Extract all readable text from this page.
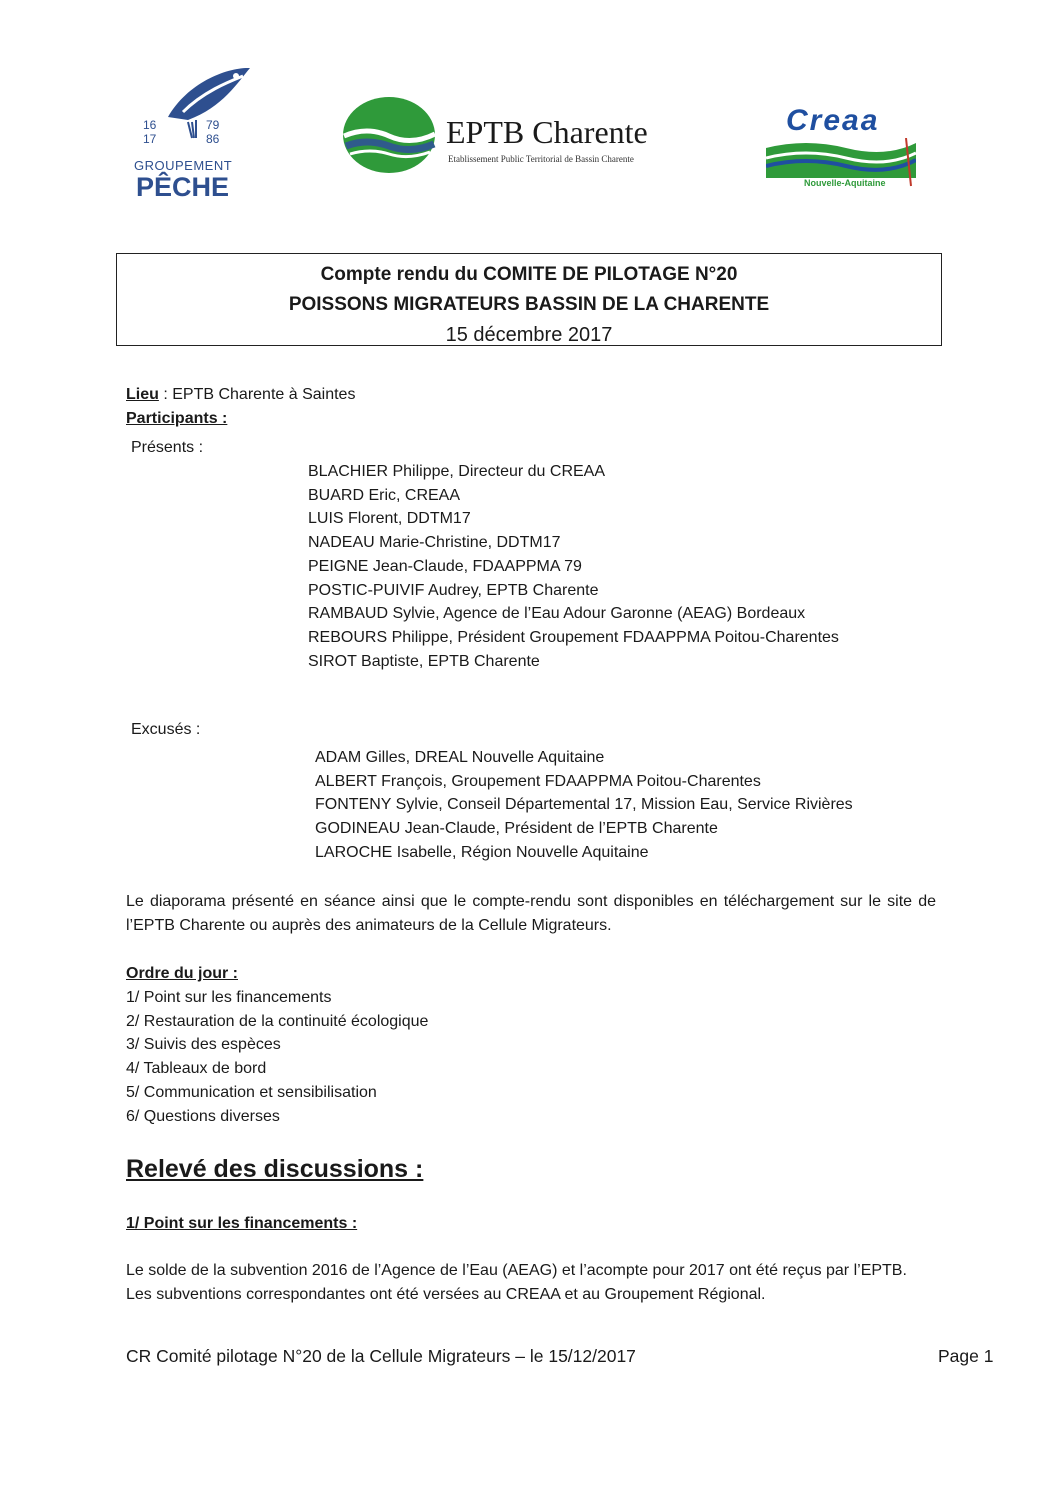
16
17
79
86
GROUPEMENT
PÊCHE
EPTB Charente
Etablissement Public Territorial de Bassin Charente
Creaa
Nouvelle-Aquitaine
Compte rendu du COMITE DE PILOTAGE N°20
POISSONS MIGRATEURS BASSIN DE LA CHARENTE
15 décembre 2017
Lieu : EPTB Charente à Saintes
Participants :
Présents :
BLACHIER Philippe, Directeur du CREAA
BUARD Eric, CREAA
LUIS Florent, DDTM17
NADEAU Marie-Christine, DDTM17
PEIGNE Jean-Claude, FDAAPPMA 79
POSTIC-PUIVIF Audrey, EPTB Charente
RAMBAUD Sylvie, Agence de l’Eau Adour Garonne (AEAG) Bordeaux
REBOURS Philippe, Président Groupement FDAAPPMA Poitou-Charentes
SIROT Baptiste, EPTB Charente
Excusés :
ADAM Gilles, DREAL Nouvelle Aquitaine
ALBERT François, Groupement FDAAPPMA Poitou-Charentes
FONTENY Sylvie, Conseil Départemental 17, Mission Eau, Service Rivières
GODINEAU Jean-Claude, Président de l’EPTB Charente
LAROCHE Isabelle, Région Nouvelle Aquitaine
Le diaporama présenté en séance ainsi que le compte-rendu sont disponibles en téléchargement sur le site de l’EPTB Charente ou auprès des animateurs de la Cellule Migrateurs.
Ordre du jour :
1/ Point sur les financements
2/ Restauration de la continuité écologique
3/ Suivis des espèces
4/ Tableaux de bord
5/ Communication et sensibilisation
6/ Questions diverses
Relevé des discussions :
1/ Point sur les financements :
Le solde de la subvention 2016 de l’Agence de l’Eau (AEAG) et l’acompte pour 2017 ont été reçus par l’EPTB. Les subventions correspondantes ont été versées au CREAA et au Groupement Régional.
CR Comité pilotage N°20 de la Cellule Migrateurs – le 15/12/2017	Page 1
